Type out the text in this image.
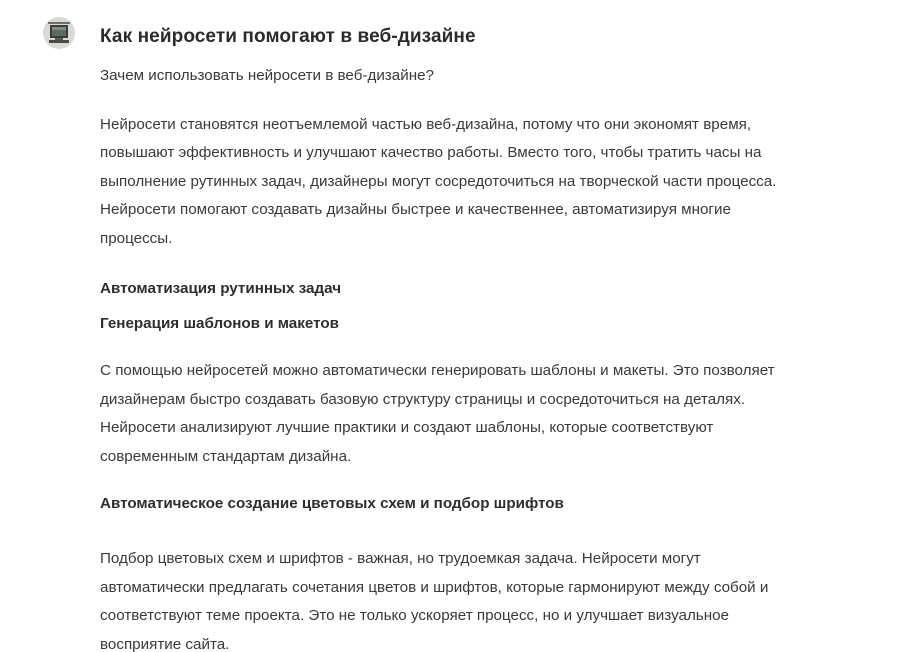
Как нейросети помогают в веб-дизайне

Зачем использовать нейросети в веб-дизайне?

Нейросети становятся неотъемлемой частью веб-дизайна, потому что они экономят время,
повышают эффективность и улучшают качество работы. Вместо того, чтобы тратить часы на
выполнение рутинных задач, дизайнеры могут сосредоточиться на творческой части процесса.
Нейросети помогают создавать дизайны быстрее и качественнее, автоматизируя многие
процессы.

Автоматизация рутинных задач

Генерация шаблонов и макетов

С помощью нейросетей можно автоматически генерировать шаблоны и макеты. Это позволяет
дизайнерам быстро создавать базовую структуру страницы и сосредоточиться на деталях.
Нейросети анализируют лучшие практики и создают шаблоны, которые соответствуют
современным стандартам дизайна.

Автоматическое создание цветовых схем и подбор шрифтов

Подбор цветовых схем и шрифтов - важная, но трудоемкая задача. Нейросети могут
автоматически предлагать сочетания цветов и шрифтов, которые гармонируют между собой и
соответствуют теме проекта. Это не только ускоряет процесс, но и улучшает визуальное
восприятие сайта.
